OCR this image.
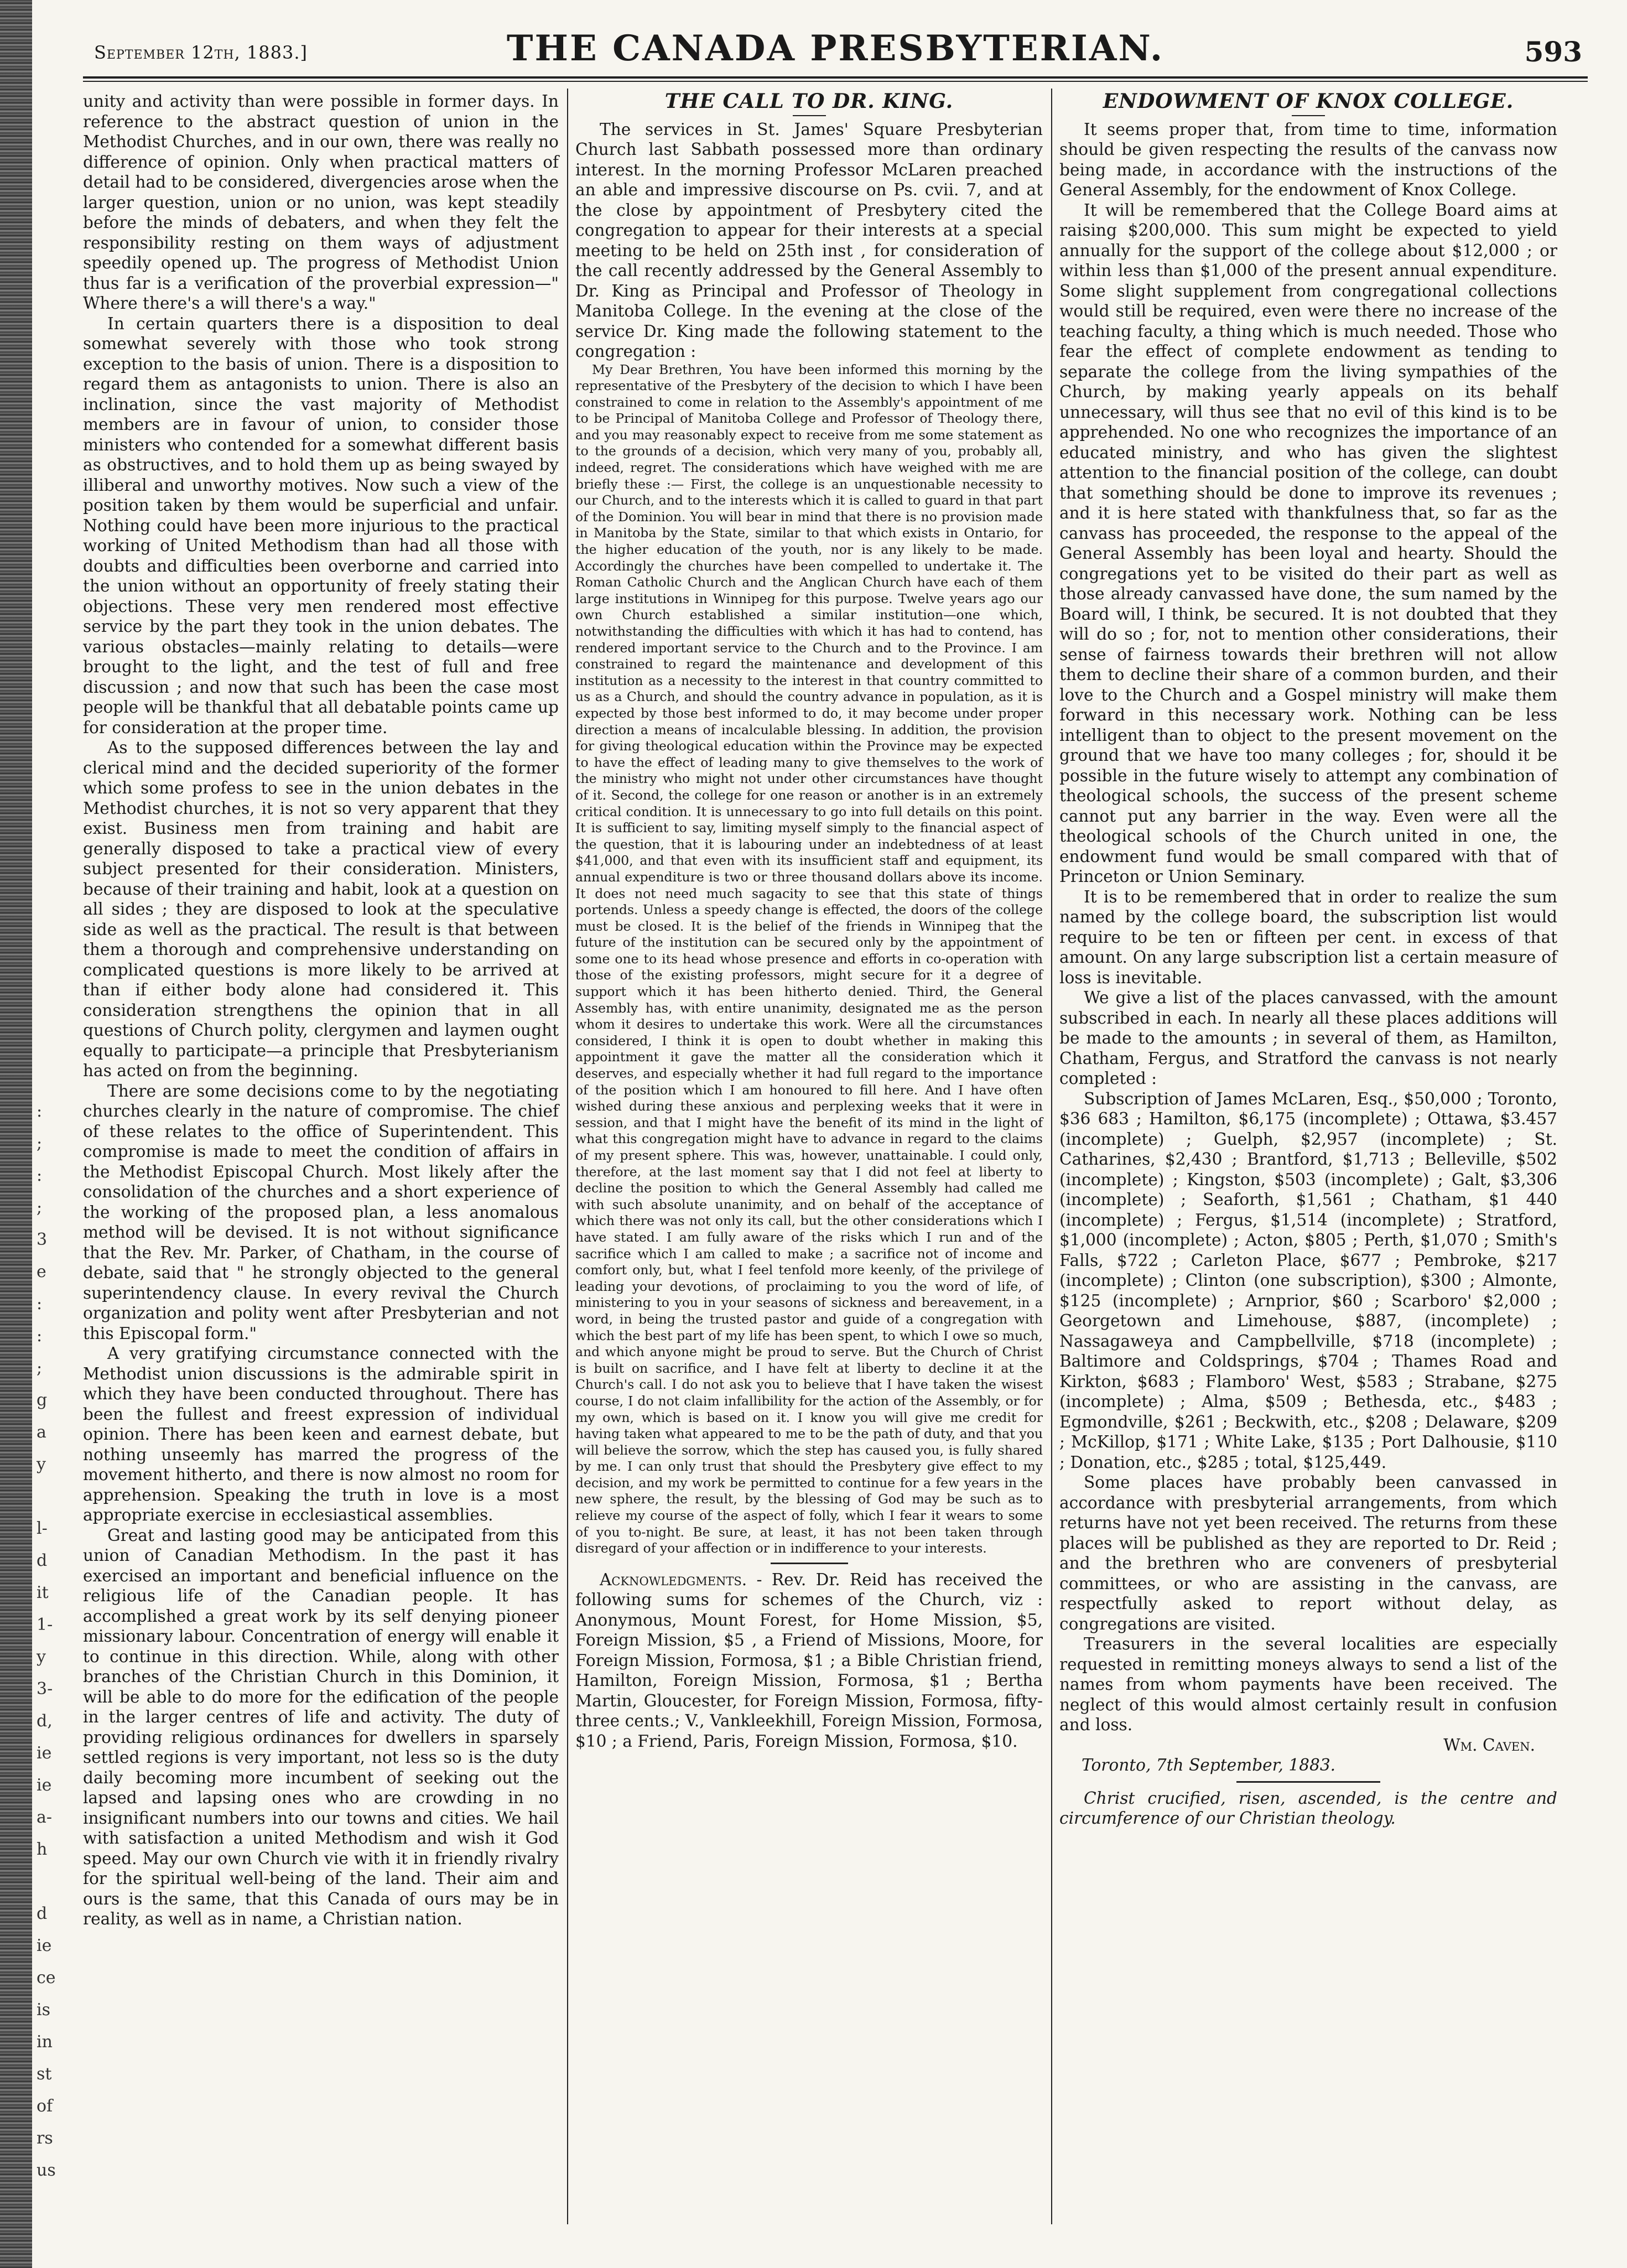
:
;
:
;
3
e
:
:
;
g
a
y

l-
d
it
1-
y
3-
d,
ie
ie
a-
h

d
ie
ce
is
in
st
of
rs
us
September 12th, 1883.]	THE CANADA PRESBYTERIAN.	593

unity and activity than were possible in former days. In reference to the abstract question of union in the Methodist Churches, and in our own, there was really no difference of opinion. Only when practical matters of detail had to be considered, divergencies arose when the larger question, union or no union, was kept steadily before the minds of debaters, and when they felt the responsibility resting on them ways of adjustment speedily opened up. The progress of Methodist Union thus far is a verification of the proverbial expression—" Where there's a will there's a way."

In certain quarters there is a disposition to deal somewhat severely with those who took strong exception to the basis of union. There is a disposition to regard them as antagonists to union. There is also an inclination, since the vast majority of Methodist members are in favour of union, to consider those ministers who contended for a somewhat different basis as obstructives, and to hold them up as being swayed by illiberal and unworthy motives. Now such a view of the position taken by them would be superficial and unfair. Nothing could have been more injurious to the practical working of United Methodism than had all those with doubts and difficulties been overborne and carried into the union without an opportunity of freely stating their objections. These very men rendered most effective service by the part they took in the union debates. The various obstacles—mainly relating to details—were brought to the light, and the test of full and free discussion ; and now that such has been the case most people will be thankful that all debatable points came up for consideration at the proper time.

As to the supposed differences between the lay and clerical mind and the decided superiority of the former which some profess to see in the union debates in the Methodist churches, it is not so very apparent that they exist. Business men from training and habit are generally disposed to take a practical view of every subject presented for their consideration. Ministers, because of their training and habit, look at a question on all sides ; they are disposed to look at the speculative side as well as the practical. The result is that between them a thorough and comprehensive understanding on complicated questions is more likely to be arrived at than if either body alone had considered it. This consideration strengthens the opinion that in all questions of Church polity, clergymen and laymen ought equally to participate—a principle that Presbyterianism has acted on from the beginning.

There are some decisions come to by the negotiating churches clearly in the nature of compromise. The chief of these relates to the office of Superintendent. This compromise is made to meet the condition of affairs in the Methodist Episcopal Church. Most likely after the consolidation of the churches and a short experience of the working of the proposed plan, a less anomalous method will be devised. It is not without significance that the Rev. Mr. Parker, of Chatham, in the course of debate, said that " he strongly objected to the general superintendency clause. In every revival the Church organization and polity went after Presbyterian and not this Episcopal form."

A very gratifying circumstance connected with the Methodist union discussions is the admirable spirit in which they have been conducted throughout. There has been the fullest and freest expression of individual opinion. There has been keen and earnest debate, but nothing unseemly has marred the progress of the movement hitherto, and there is now almost no room for apprehension. Speaking the truth in love is a most appropriate exercise in ecclesiastical assemblies.

Great and lasting good may be anticipated from this union of Canadian Methodism. In the past it has exercised an important and beneficial influence on the religious life of the Canadian people. It has accomplished a great work by its self denying pioneer missionary labour. Concentration of energy will enable it to continue in this direction. While, along with other branches of the Christian Church in this Dominion, it will be able to do more for the edification of the people in the larger centres of life and activity. The duty of providing religious ordinances for dwellers in sparsely settled regions is very important, not less so is the duty daily becoming more incumbent of seeking out the lapsed and lapsing ones who are crowding in no insignificant numbers into our towns and cities. We hail with satisfaction a united Methodism and wish it God speed. May our own Church vie with it in friendly rivalry for the spiritual well-being of the land. Their aim and ours is the same, that this Canada of ours may be in reality, as well as in name, a Christian nation.

THE CALL TO DR. KING.

The services in St. James' Square Presbyterian Church last Sabbath possessed more than ordinary interest. In the morning Professor McLaren preached an able and impressive discourse on Ps. cvii. 7, and at the close by appointment of Presbytery cited the congregation to appear for their interests at a special meeting to be held on 25th inst , for consideration of the call recently addressed by the General Assembly to Dr. King as Principal and Professor of Theology in Manitoba College. In the evening at the close of the service Dr. King made the following statement to the congregation :

My Dear Brethren, You have been informed this morning by the representative of the Presbytery of the decision to which I have been constrained to come in relation to the Assembly's appointment of me to be Principal of Manitoba College and Professor of Theology there, and you may reasonably expect to receive from me some statement as to the grounds of a decision, which very many of you, probably all, indeed, regret. The considerations which have weighed with me are briefly these :— First, the college is an unquestionable necessity to our Church, and to the interests which it is called to guard in that part of the Dominion. You will bear in mind that there is no provision made in Manitoba by the State, similar to that which exists in Ontario, for the higher education of the youth, nor is any likely to be made. Accordingly the churches have been compelled to undertake it. The Roman Catholic Church and the Anglican Church have each of them large institutions in Winnipeg for this purpose. Twelve years ago our own Church established a similar institution—one which, notwithstanding the difficulties with which it has had to contend, has rendered important service to the Church and to the Province. I am constrained to regard the maintenance and development of this institution as a necessity to the interest in that country committed to us as a Church, and should the country advance in population, as it is expected by those best informed to do, it may become under proper direction a means of incalculable blessing. In addition, the provision for giving theological education within the Province may be expected to have the effect of leading many to give themselves to the work of the ministry who might not under other circumstances have thought of it. Second, the college for one reason or another is in an extremely critical condition. It is unnecessary to go into full details on this point. It is sufficient to say, limiting myself simply to the financial aspect of the question, that it is labouring under an indebtedness of at least $41,000, and that even with its insufficient staff and equipment, its annual expenditure is two or three thousand dollars above its income. It does not need much sagacity to see that this state of things portends. Unless a speedy change is effected, the doors of the college must be closed. It is the belief of the friends in Winnipeg that the future of the institution can be secured only by the appointment of some one to its head whose presence and efforts in co-operation with those of the existing professors, might secure for it a degree of support which it has been hitherto denied. Third, the General Assembly has, with entire unanimity, designated me as the person whom it desires to undertake this work. Were all the circumstances considered, I think it is open to doubt whether in making this appointment it gave the matter all the consideration which it deserves, and especially whether it had full regard to the importance of the position which I am honoured to fill here. And I have often wished during these anxious and perplexing weeks that it were in session, and that I might have the benefit of its mind in the light of what this congregation might have to advance in regard to the claims of my present sphere. This was, however, unattainable. I could only, therefore, at the last moment say that I did not feel at liberty to decline the position to which the General Assembly had called me with such absolute unanimity, and on behalf of the acceptance of which there was not only its call, but the other considerations which I have stated. I am fully aware of the risks which I run and of the sacrifice which I am called to make ; a sacrifice not of income and comfort only, but, what I feel tenfold more keenly, of the privilege of leading your devotions, of proclaiming to you the word of life, of ministering to you in your seasons of sickness and bereavement, in a word, in being the trusted pastor and guide of a congregation with which the best part of my life has been spent, to which I owe so much, and which anyone might be proud to serve. But the Church of Christ is built on sacrifice, and I have felt at liberty to decline it at the Church's call. I do not ask you to believe that I have taken the wisest course, I do not claim infallibility for the action of the Assembly, or for my own, which is based on it. I know you will give me credit for having taken what appeared to me to be the path of duty, and that you will believe the sorrow, which the step has caused you, is fully shared by me. I can only trust that should the Presbytery give effect to my decision, and my work be permitted to continue for a few years in the new sphere, the result, by the blessing of God may be such as to relieve my course of the aspect of folly, which I fear it wears to some of you to-night. Be sure, at least, it has not been taken through disregard of your affection or in indifference to your interests.

Acknowledgments. - Rev. Dr. Reid has received the following sums for schemes of the Church, viz : Anonymous, Mount Forest, for Home Mission, $5, Foreign Mission, $5 , a Friend of Missions, Moore, for Foreign Mission, Formosa, $1 ; a Bible Christian friend, Hamilton, Foreign Mission, Formosa, $1 ; Bertha Martin, Gloucester, for Foreign Mission, Formosa, fifty-three cents.; V., Vankleekhill, Foreign Mission, Formosa, $10 ; a Friend, Paris, Foreign Mission, Formosa, $10.

ENDOWMENT OF KNOX COLLEGE.

It seems proper that, from time to time, information should be given respecting the results of the canvass now being made, in accordance with the instructions of the General Assembly, for the endowment of Knox College.

It will be remembered that the College Board aims at raising $200,000. This sum might be expected to yield annually for the support of the college about $12,000 ; or within less than $1,000 of the present annual expenditure. Some slight supplement from congregational collections would still be required, even were there no increase of the teaching faculty, a thing which is much needed. Those who fear the effect of complete endowment as tending to separate the college from the living sympathies of the Church, by making yearly appeals on its behalf unnecessary, will thus see that no evil of this kind is to be apprehended. No one who recognizes the importance of an educated ministry, and who has given the slightest attention to the financial position of the college, can doubt that something should be done to improve its revenues ; and it is here stated with thankfulness that, so far as the canvass has proceeded, the response to the appeal of the General Assembly has been loyal and hearty. Should the congregations yet to be visited do their part as well as those already canvassed have done, the sum named by the Board will, I think, be secured. It is not doubted that they will do so ; for, not to mention other considerations, their sense of fairness towards their brethren will not allow them to decline their share of a common burden, and their love to the Church and a Gospel ministry will make them forward in this necessary work. Nothing can be less intelligent than to object to the present movement on the ground that we have too many colleges ; for, should it be possible in the future wisely to attempt any combination of theological schools, the success of the present scheme cannot put any barrier in the way. Even were all the theological schools of the Church united in one, the endowment fund would be small compared with that of Princeton or Union Seminary.

It is to be remembered that in order to realize the sum named by the college board, the subscription list would require to be ten or fifteen per cent. in excess of that amount. On any large subscription list a certain measure of loss is inevitable.

We give a list of the places canvassed, with the amount subscribed in each. In nearly all these places additions will be made to the amounts ; in several of them, as Hamilton, Chatham, Fergus, and Stratford the canvass is not nearly completed :

Subscription of James McLaren, Esq., $50,000 ; Toronto, $36 683 ; Hamilton, $6,175 (incomplete) ; Ottawa, $3.457 (incomplete) ; Guelph, $2,957 (incomplete) ; St. Catharines, $2,430 ; Brantford, $1,713 ; Belleville, $502 (incomplete) ; Kingston, $503 (incomplete) ; Galt, $3,306 (incomplete) ; Seaforth, $1,561 ; Chatham, $1 440 (incomplete) ; Fergus, $1,514 (incomplete) ; Stratford, $1,000 (incomplete) ; Acton, $805 ; Perth, $1,070 ; Smith's Falls, $722 ; Carleton Place, $677 ; Pembroke, $217 (incomplete) ; Clinton (one subscription), $300 ; Almonte, $125 (incomplete) ; Arnprior, $60 ; Scarboro' $2,000 ; Georgetown and Limehouse, $887, (incomplete) ; Nassagaweya and Campbellville, $718 (incomplete) ; Baltimore and Coldsprings, $704 ; Thames Road and Kirkton, $683 ; Flamboro' West, $583 ; Strabane, $275 (incomplete) ; Alma, $509 ; Bethesda, etc., $483 ; Egmondville, $261 ; Beckwith, etc., $208 ; Delaware, $209 ; McKillop, $171 ; White Lake, $135 ; Port Dalhousie, $110 ; Donation, etc., $285 ; total, $125,449.

Some places have probably been canvassed in accordance with presbyterial arrangements, from which returns have not yet been received. The returns from these places will be published as they are reported to Dr. Reid ; and the brethren who are conveners of presbyterial committees, or who are assisting in the canvass, are respectfully asked to report without delay, as congregations are visited.

Treasurers in the several localities are especially requested in remitting moneys always to send a list of the names from whom payments have been received. The neglect of this would almost certainly result in confusion and loss.

Wm. Caven.
Toronto, 7th September, 1883.

Christ crucified, risen, ascended, is the centre and circumference of our Christian theology.
